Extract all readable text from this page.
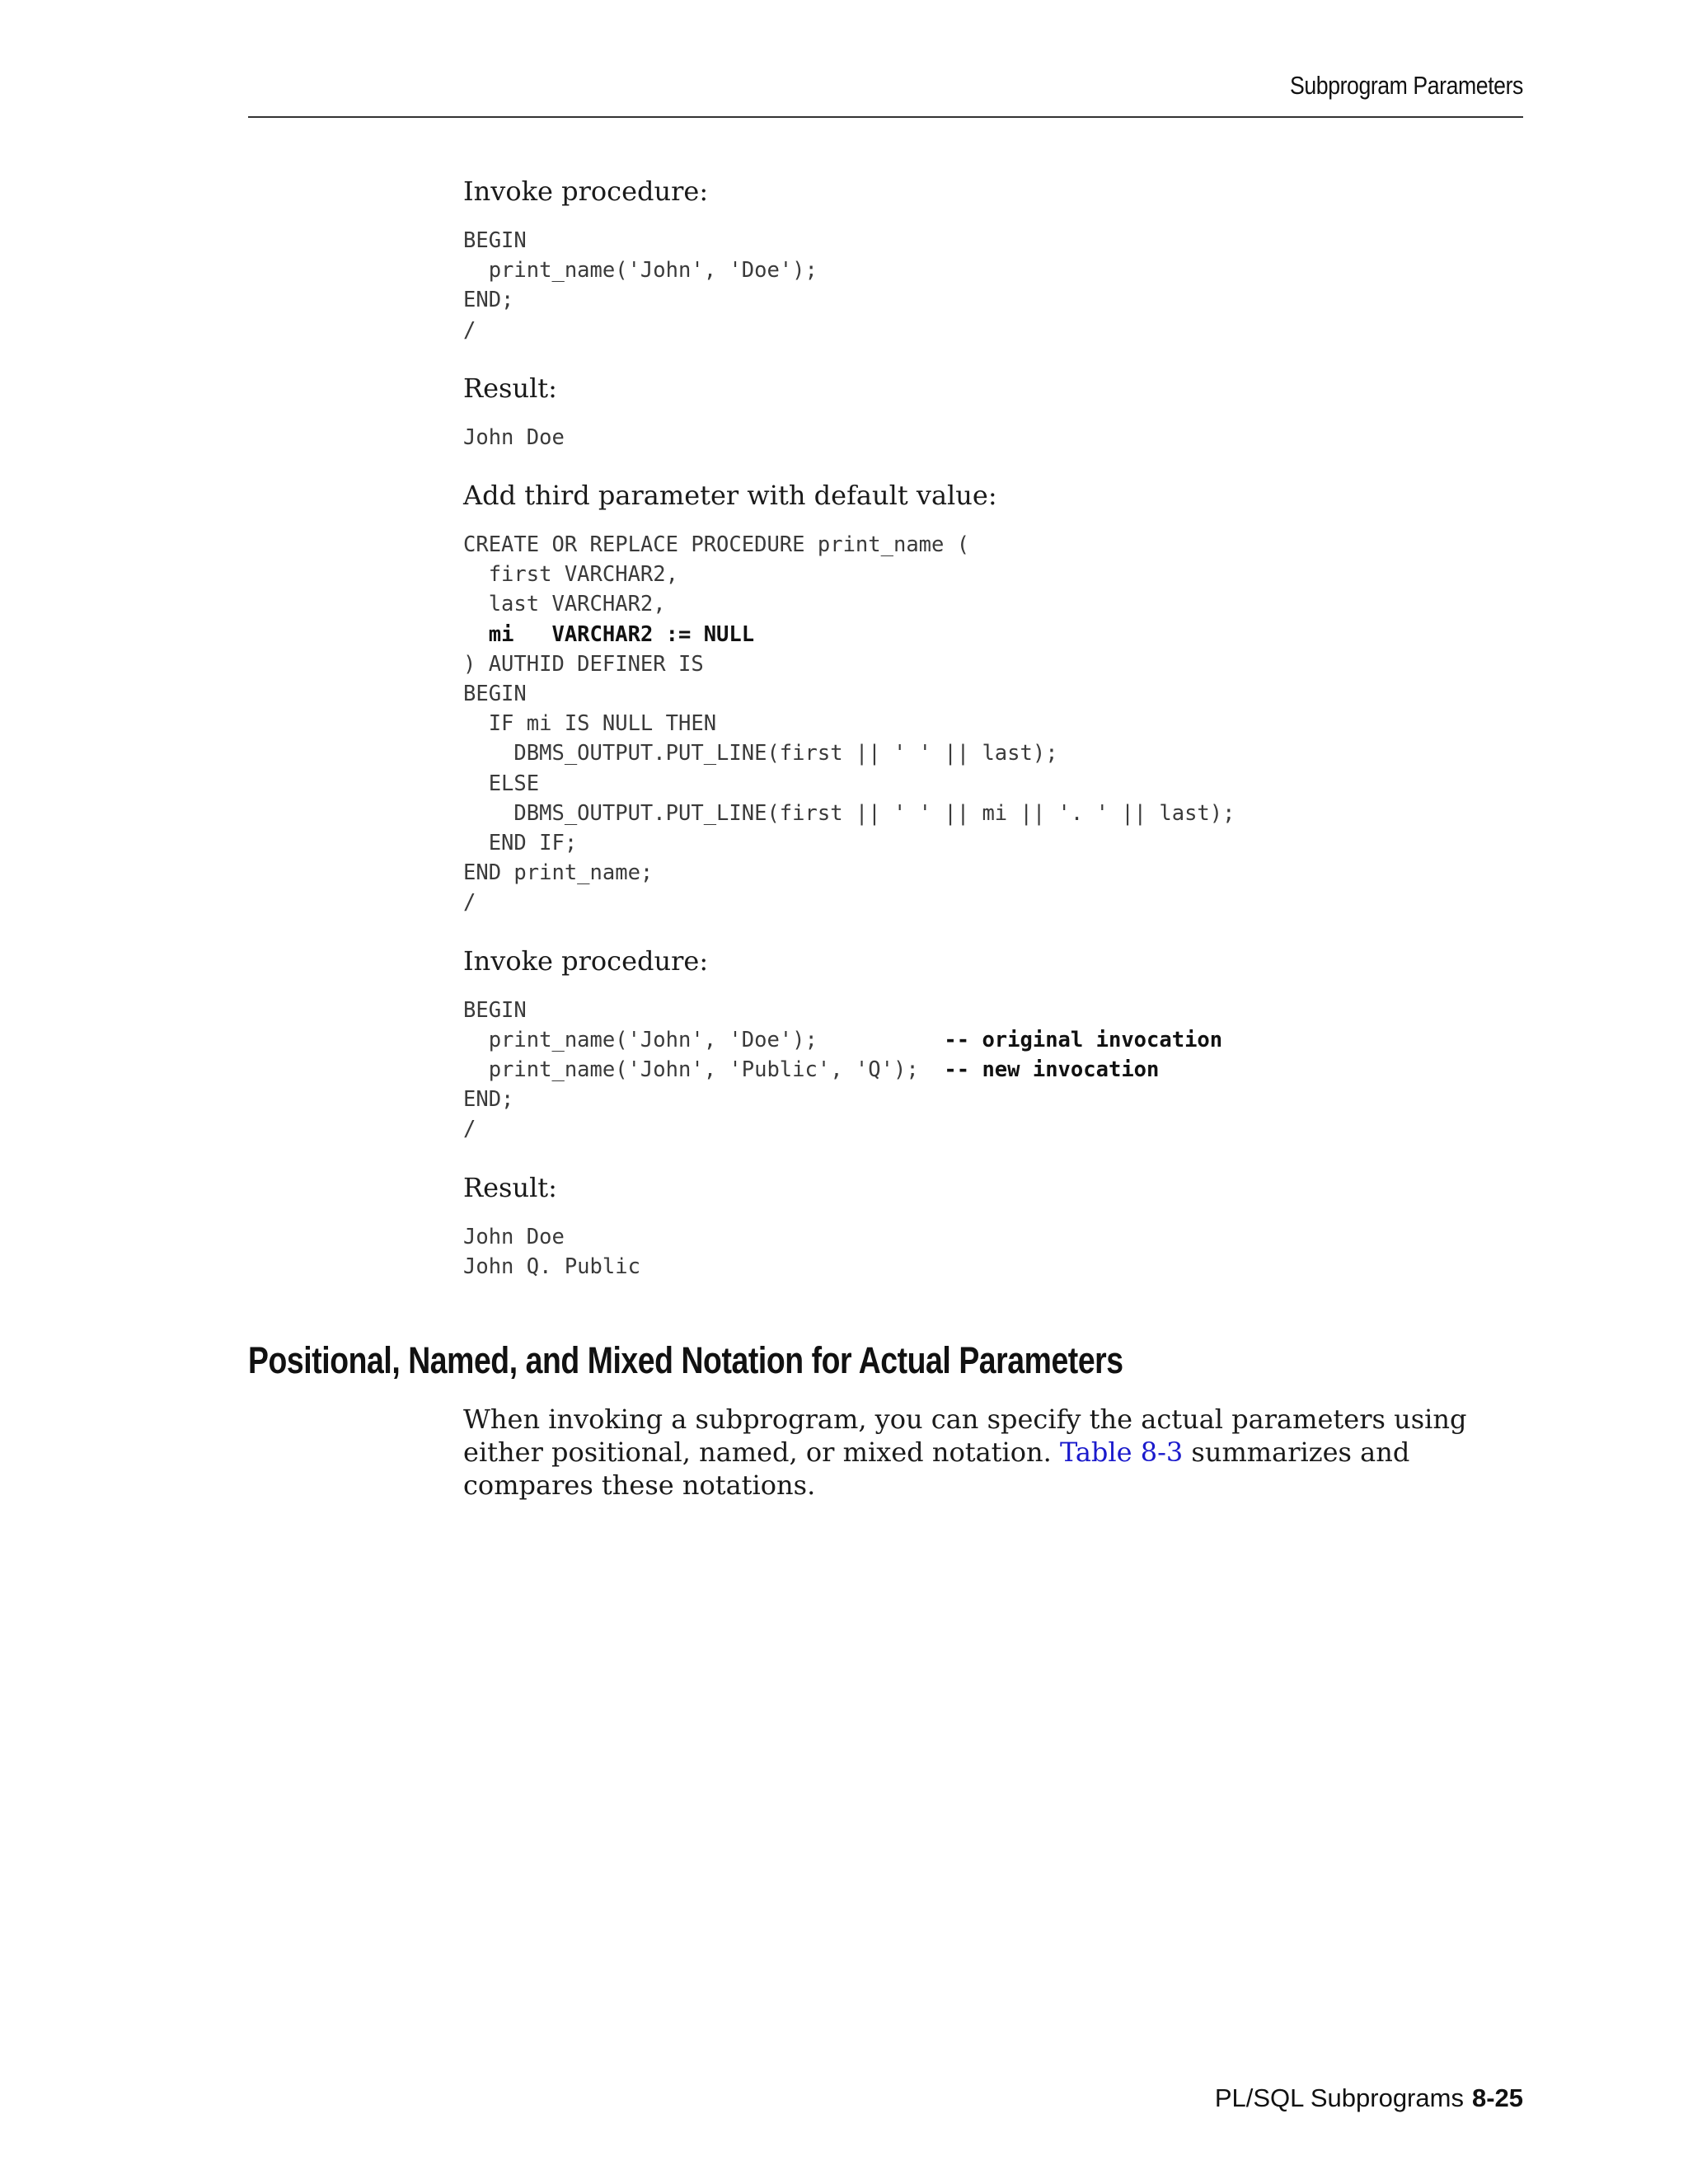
Subprogram Parameters
Invoke procedure:
BEGIN
print_name('John', 'Doe');
END;
/
Result:
John Doe
Add third parameter with default value:
CREATE OR REPLACE PROCEDURE print_name (
first VARCHAR2,
last VARCHAR2,
mi   VARCHAR2 := NULL
) AUTHID DEFINER IS
BEGIN
IF mi IS NULL THEN
DBMS_OUTPUT.PUT_LINE(first || ' ' || last);
ELSE
DBMS_OUTPUT.PUT_LINE(first || ' ' || mi || '. ' || last);
END IF;
END print_name;
/
Invoke procedure:
BEGIN
print_name('John', 'Doe');          -- original invocation
print_name('John', 'Public', 'Q');  -- new invocation
END;
/
Result:
John Doe
John Q. Public
Positional, Named, and Mixed Notation for Actual Parameters
When invoking a subprogram, you can specify the actual parameters using either positional, named, or mixed notation. Table 8-3 summarizes and compares these notations.
PL/SQL Subprograms 8-25
